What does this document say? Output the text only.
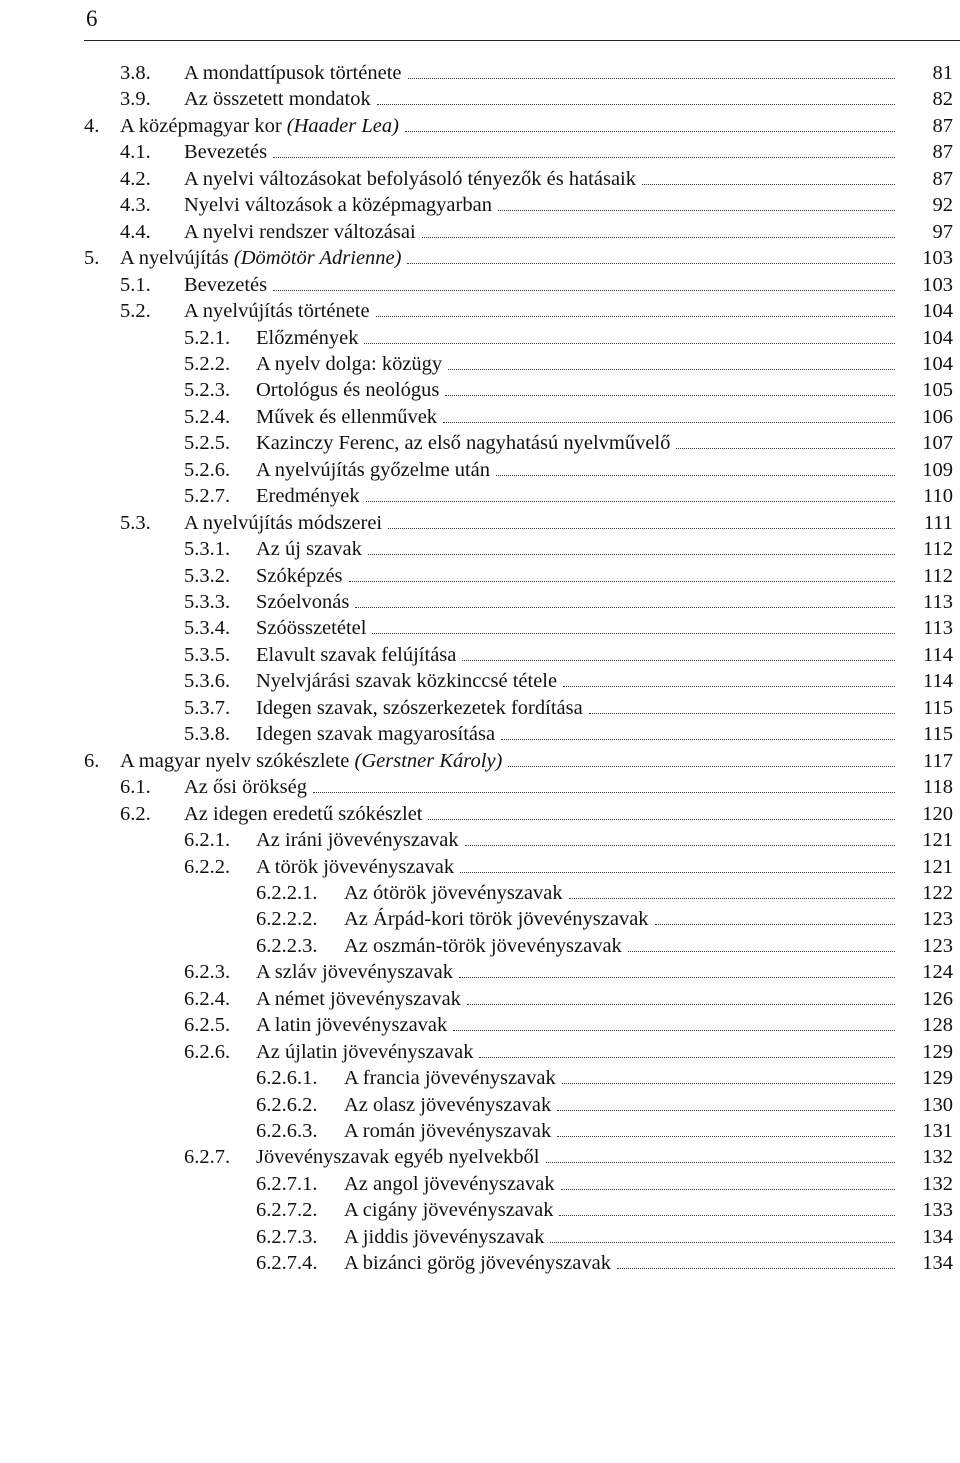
6
3.8. A mondattípusok története	81
3.9. Az összetett mondatok	82
4. A középmagyar kor (Haader Lea)	87
4.1. Bevezetés	87
4.2. A nyelvi változásokat befolyásoló tényezők és hatásaik	87
4.3. Nyelvi változások a középmagyarban	92
4.4. A nyelvi rendszer változásai	97
5. A nyelvújítás (Dömötör Adrienne)	103
5.1. Bevezetés	103
5.2. A nyelvújítás története	104
5.2.1. Előzmények	104
5.2.2. A nyelv dolga: közügy	104
5.2.3. Ortológus és neológus	105
5.2.4. Művek és ellenművek	106
5.2.5. Kazinczy Ferenc, az első nagyhatású nyelvművelő	107
5.2.6. A nyelvújítás győzelme után	109
5.2.7. Eredmények	110
5.3. A nyelvújítás módszerei	111
5.3.1. Az új szavak	112
5.3.2. Szóképzés	112
5.3.3. Szóelvonás	113
5.3.4. Szóösszetétel	113
5.3.5. Elavult szavak felújítása	114
5.3.6. Nyelvjárási szavak közkinccsé tétele	114
5.3.7. Idegen szavak, szószerkezetek fordítása	115
5.3.8. Idegen szavak magyarosítása	115
6. A magyar nyelv szókészlete (Gerstner Károly)	117
6.1. Az ősi örökség	118
6.2. Az idegen eredetű szókészlet	120
6.2.1. Az iráni jövevényszavak	121
6.2.2. A török jövevényszavak	121
6.2.2.1. Az ótörök jövevényszavak	122
6.2.2.2. Az Árpád-kori török jövevényszavak	123
6.2.2.3. Az oszmán-török jövevényszavak	123
6.2.3. A szláv jövevényszavak	124
6.2.4. A német jövevényszavak	126
6.2.5. A latin jövevényszavak	128
6.2.6. Az újlatin jövevényszavak	129
6.2.6.1. A francia jövevényszavak	129
6.2.6.2. Az olasz jövevényszavak	130
6.2.6.3. A román jövevényszavak	131
6.2.7. Jövevényszavak egyéb nyelvekből	132
6.2.7.1. Az angol jövevényszavak	132
6.2.7.2. A cigány jövevényszavak	133
6.2.7.3. A jiddis jövevényszavak	134
6.2.7.4. A bizánci görög jövevényszavak	134
